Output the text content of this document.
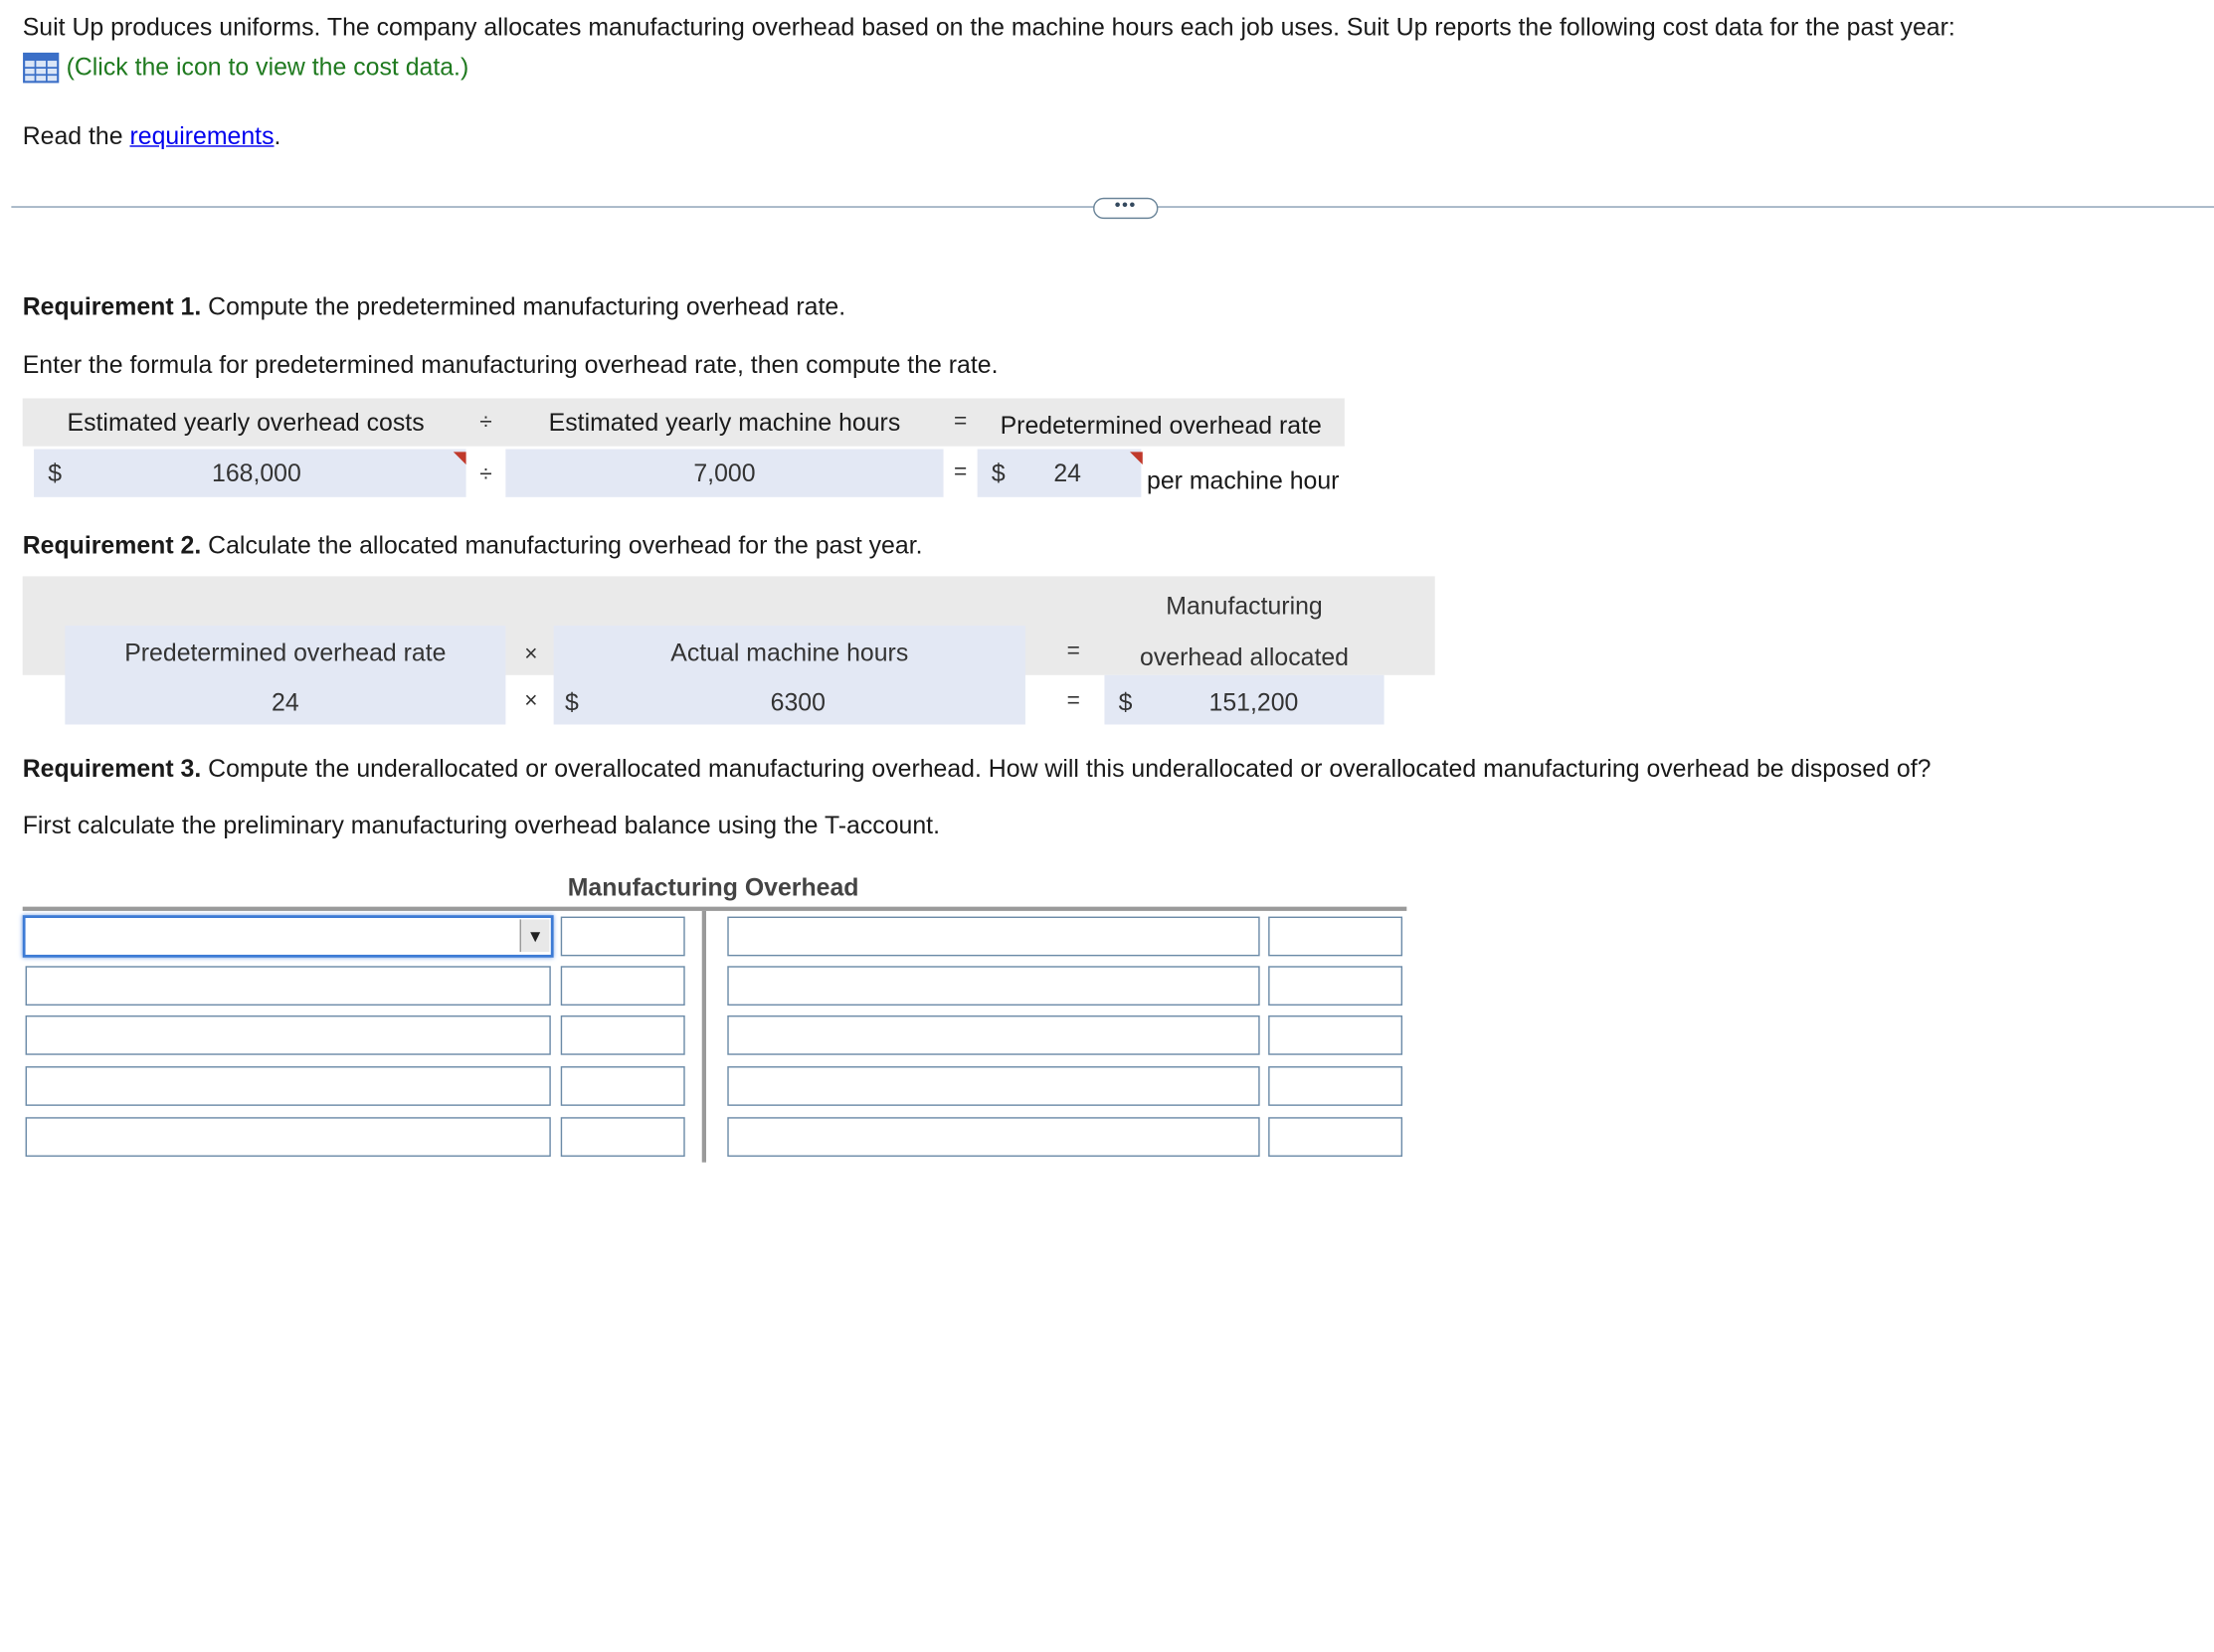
Suit Up produces uniforms. The company allocates manufacturing overhead based on the machine hours each job uses. Suit Up reports the following cost data for the past year:
(Click the icon to view the cost data.)
Read the requirements.
•••
Requirement 1. Compute the predetermined manufacturing overhead rate.
Enter the formula for predetermined manufacturing overhead rate, then compute the rate.
Estimated yearly overhead costs	÷	Estimated yearly machine hours	=	Predetermined overhead rate
$	168,000	÷	7,000	=	$	24	per machine hour
Requirement 2. Calculate the allocated manufacturing overhead for the past year.
Predetermined overhead rate	×	Actual machine hours	=
Manufacturing
overhead allocated
24	×	$	6300	=	$	151,200
Requirement 3. Compute the underallocated or overallocated manufacturing overhead. How will this underallocated or overallocated manufacturing overhead be disposed of?
First calculate the preliminary manufacturing overhead balance using the T-account.
Manufacturing Overhead
▼
